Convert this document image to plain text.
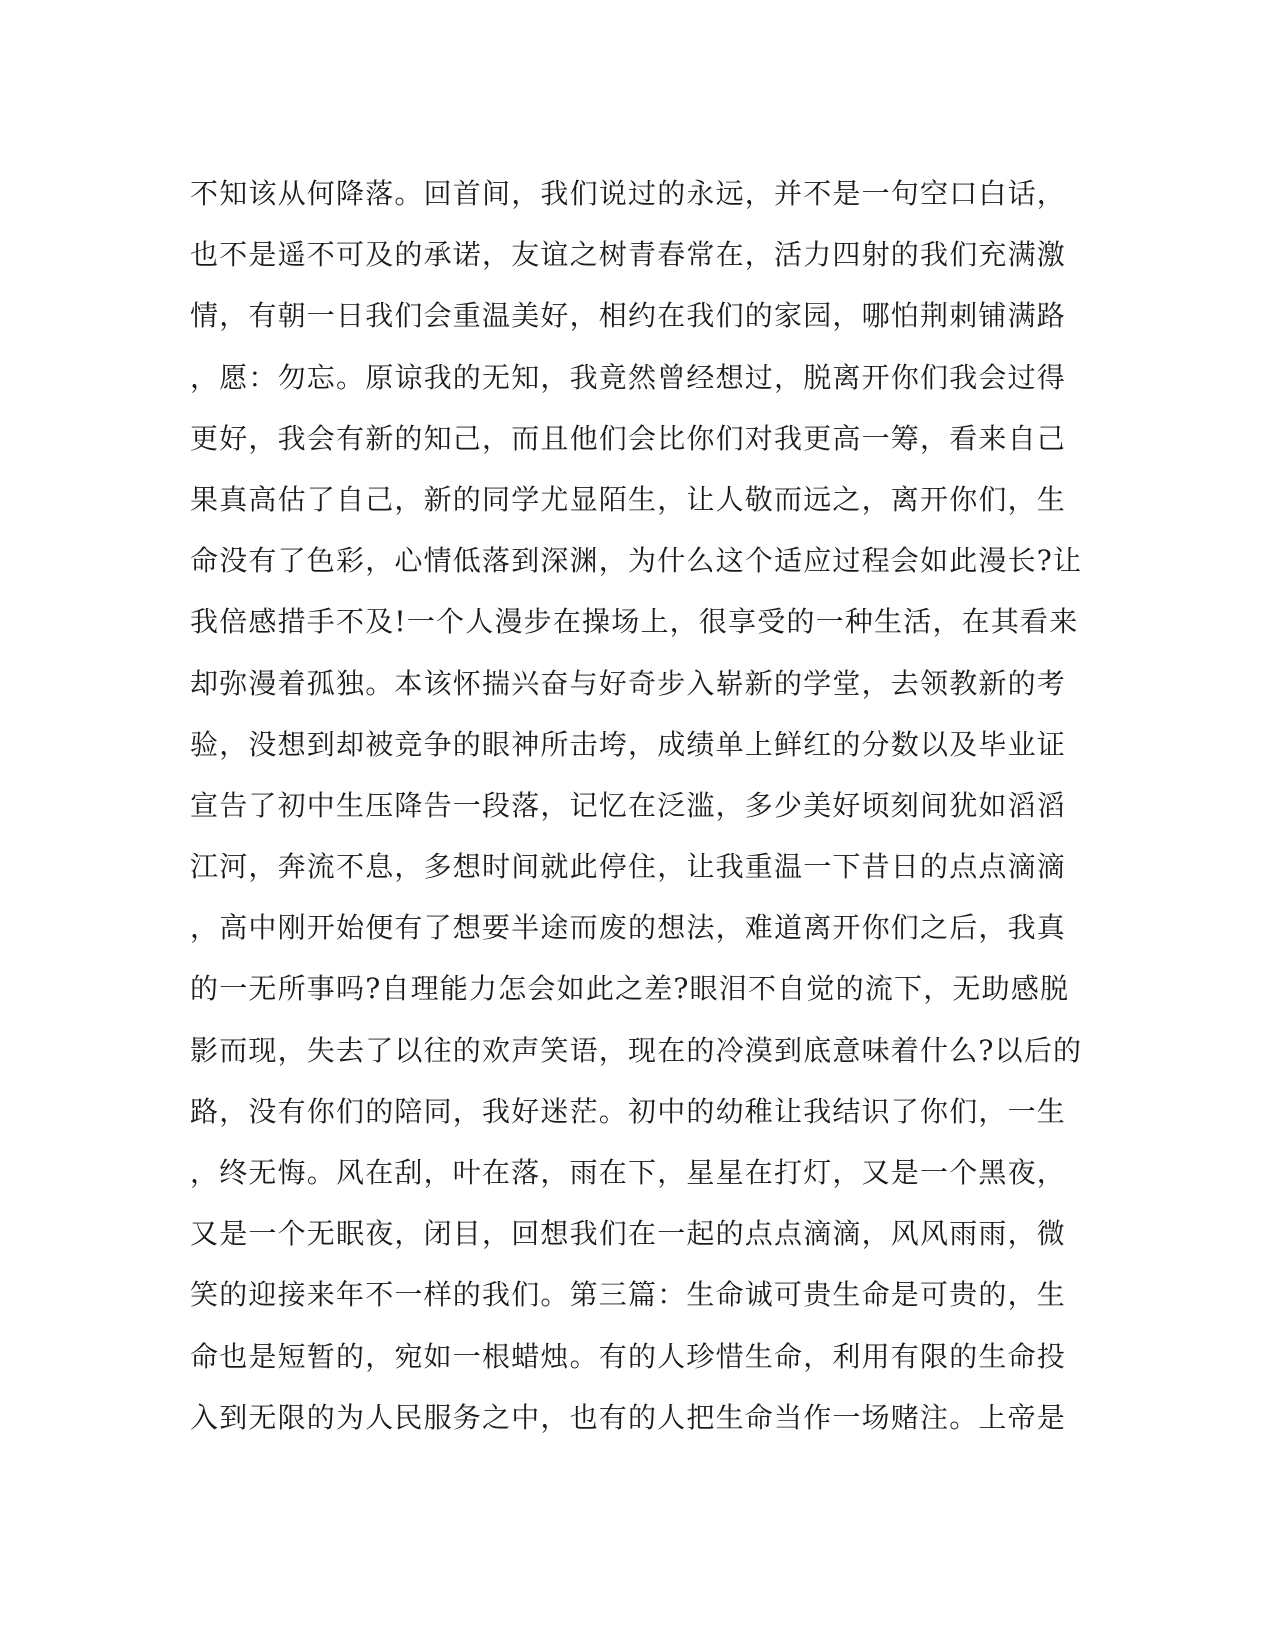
不知该从何降落。回首间，我们说过的永远，并不是一句空口白话，
也不是遥不可及的承诺，友谊之树青春常在，活力四射的我们充满激
情，有朝一日我们会重温美好，相约在我们的家园，哪怕荆刺铺满路
，愿：勿忘。原谅我的无知，我竟然曾经想过，脱离开你们我会过得
更好，我会有新的知己，而且他们会比你们对我更高一筹，看来自己
果真高估了自己，新的同学尤显陌生，让人敬而远之，离开你们，生
命没有了色彩，心情低落到深渊，为什么这个适应过程会如此漫长?让
我倍感措手不及!一个人漫步在操场上，很享受的一种生活，在其看来
却弥漫着孤独。本该怀揣兴奋与好奇步入崭新的学堂，去领教新的考
验，没想到却被竞争的眼神所击垮，成绩单上鲜红的分数以及毕业证
宣告了初中生压降告一段落，记忆在泛滥，多少美好顷刻间犹如滔滔
江河，奔流不息，多想时间就此停住，让我重温一下昔日的点点滴滴
，高中刚开始便有了想要半途而废的想法，难道离开你们之后，我真
的一无所事吗?自理能力怎会如此之差?眼泪不自觉的流下，无助感脱
影而现，失去了以往的欢声笑语，现在的冷漠到底意味着什么?以后的
路，没有你们的陪同，我好迷茫。初中的幼稚让我结识了你们，一生
，终无悔。风在刮，叶在落，雨在下，星星在打灯，又是一个黑夜，
又是一个无眠夜，闭目，回想我们在一起的点点滴滴，风风雨雨，微
笑的迎接来年不一样的我们。第三篇：生命诚可贵生命是可贵的，生
命也是短暂的，宛如一根蜡烛。有的人珍惜生命，利用有限的生命投
入到无限的为人民服务之中，也有的人把生命当作一场赌注。上帝是
